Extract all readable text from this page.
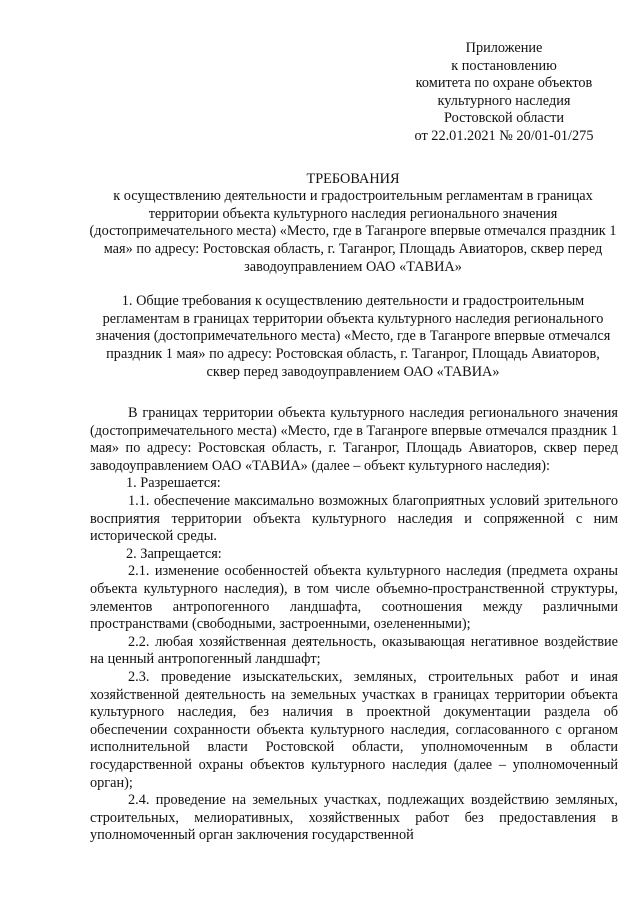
Приложение
к постановлению
комитета по охране объектов
культурного наследия
Ростовской области
от 22.01.2021 № 20/01-01/275
ТРЕБОВАНИЯ
к осуществлению деятельности и градостроительным регламентам в границах территории объекта культурного наследия регионального значения (достопримечательного места) «Место, где в Таганроге впервые отмечался праздник 1 мая» по адресу: Ростовская область, г. Таганрог, Площадь Авиаторов, сквер перед заводоуправлением ОАО «ТАВИА»
1. Общие требования к осуществлению деятельности и градостроительным регламентам в границах территории объекта культурного наследия регионального значения (достопримечательного места) «Место, где в Таганроге впервые отмечался праздник 1 мая» по адресу: Ростовская область, г. Таганрог, Площадь Авиаторов, сквер перед заводоуправлением ОАО «ТАВИА»

В границах территории объекта культурного наследия регионального значения (достопримечательного места) «Место, где в Таганроге впервые отмечался праздник 1 мая» по адресу: Ростовская область, г. Таганрог, Площадь Авиаторов, сквер перед заводоуправлением ОАО «ТАВИА» (далее – объект культурного наследия):

1. Разрешается:

1.1. обеспечение максимально возможных благоприятных условий зрительного восприятия территории объекта культурного наследия и сопряженной с ним исторической среды.

2. Запрещается:

2.1. изменение особенностей объекта культурного наследия (предмета охраны объекта культурного наследия), в том числе объемно-пространственной структуры, элементов антропогенного ландшафта, соотношения между различными пространствами (свободными, застроенными, озелененными);

2.2. любая хозяйственная деятельность, оказывающая негативное воздействие на ценный антропогенный ландшафт;

2.3. проведение изыскательских, земляных, строительных работ и иная хозяйственной деятельность на земельных участках в границах территории объекта культурного наследия, без наличия в проектной документации раздела об обеспечении сохранности объекта культурного наследия, согласованного с органом исполнительной власти Ростовской области, уполномоченным в области государственной охраны объектов культурного наследия (далее – уполномоченный орган);

2.4. проведение на земельных участках, подлежащих воздействию земляных, строительных, мелиоративных, хозяйственных работ без предоставления в уполномоченный орган заключения государственной
